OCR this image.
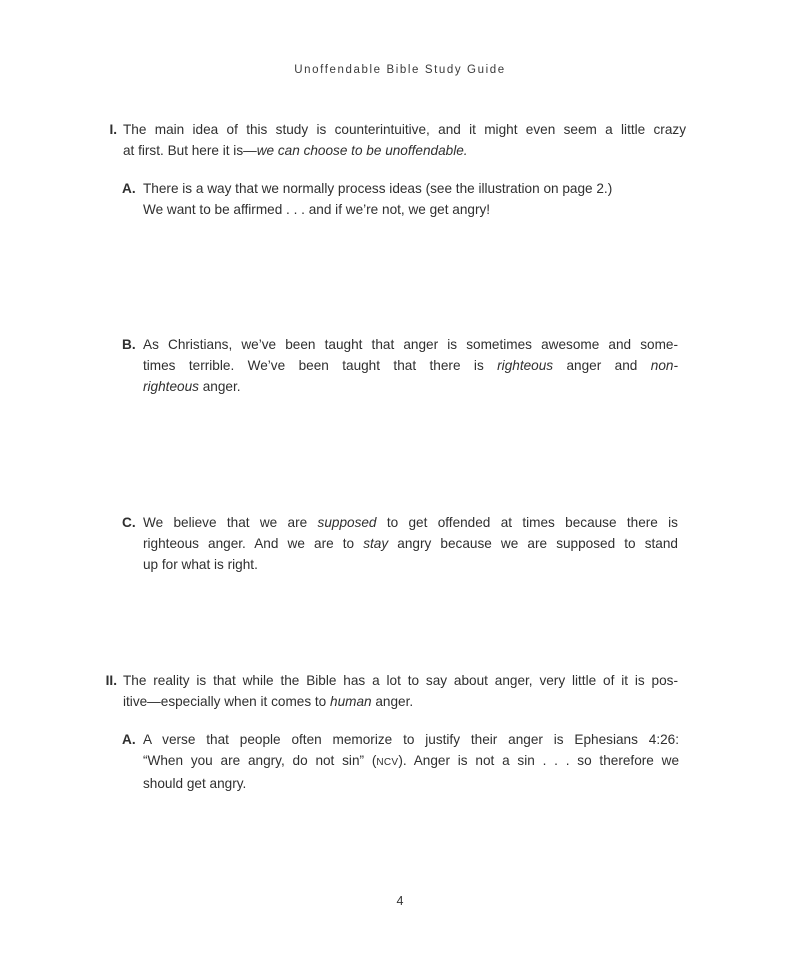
Unoffendable Bible Study Guide
I. The main idea of this study is counterintuitive, and it might even seem a little crazy
at first. But here it is—we can choose to be unoffendable.
A. There is a way that we normally process ideas (see the illustration on page 2.)
We want to be affirmed . . . and if we’re not, we get angry!
B. As Christians, we’ve been taught that anger is sometimes awesome and some-
times terrible. We’ve been taught that there is righteous anger and non-
righteous anger.
C. We believe that we are supposed to get offended at times because there is
righteous anger. And we are to stay angry because we are supposed to stand
up for what is right.
II. The reality is that while the Bible has a lot to say about anger, very little of it is pos-
itive—especially when it comes to human anger.
A. A verse that people often memorize to justify their anger is Ephesians 4:26:
“When you are angry, do not sin” (NCV). Anger is not a sin . . . so therefore we
should get angry.
4
